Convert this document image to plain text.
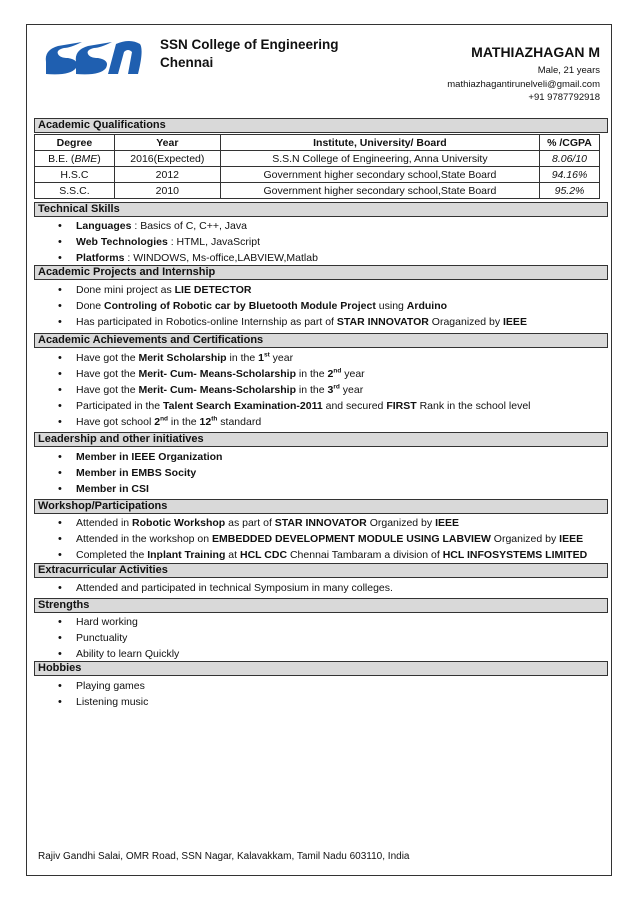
SSN College of Engineering
Chennai
MATHIAZHAGAN M
Male, 21 years
mathiazhagantirunelveli@gmail.com
+91 9787792918
Academic Qualifications
Degree	Year	Institute, University/ Board	% /CGPA
B.E. (BME)	2016(Expected)	S.S.N College of Engineering, Anna University	8.06/10
H.S.C	2012	Government higher secondary school,State Board	94.16%
S.S.C.	2010	Government higher secondary school,State Board	95.2%
Technical Skills
• Languages : Basics of C, C++, Java
• Web Technologies : HTML, JavaScript
• Platforms : WINDOWS, Ms-office,LABVIEW,Matlab
Academic Projects and Internship
• Done mini project as LIE DETECTOR
• Done Controling of Robotic car by Bluetooth Module Project using Arduino
• Has participated in Robotics-online Internship as part of STAR INNOVATOR Oraganized by IEEE
Academic Achievements and Certifications
• Have got the Merit Scholarship in the 1st year
• Have got the Merit- Cum- Means-Scholarship in the 2nd year
• Have got the Merit- Cum- Means-Scholarship in the 3rd year
• Participated in the Talent Search Examination-2011 and secured FIRST Rank in the school level
• Have got school 2nd in the 12th standard
Leadership and other initiatives
• Member in IEEE Organization
• Member in EMBS Socity
• Member in CSI
Workshop/Participations
• Attended in Robotic Workshop as part of STAR INNOVATOR Organized by IEEE
• Attended in the workshop on EMBEDDED DEVELOPMENT MODULE USING LABVIEW Organized by IEEE
• Completed the Inplant Training at HCL CDC Chennai Tambaram a division of HCL INFOSYSTEMS LIMITED
Extracurricular Activities
• Attended and participated in technical Symposium in many colleges.
Strengths
• Hard working
• Punctuality
• Ability to learn Quickly
Hobbies
• Playing games
• Listening music
Rajiv Gandhi Salai, OMR Road, SSN Nagar, Kalavakkam, Tamil Nadu 603110, India
